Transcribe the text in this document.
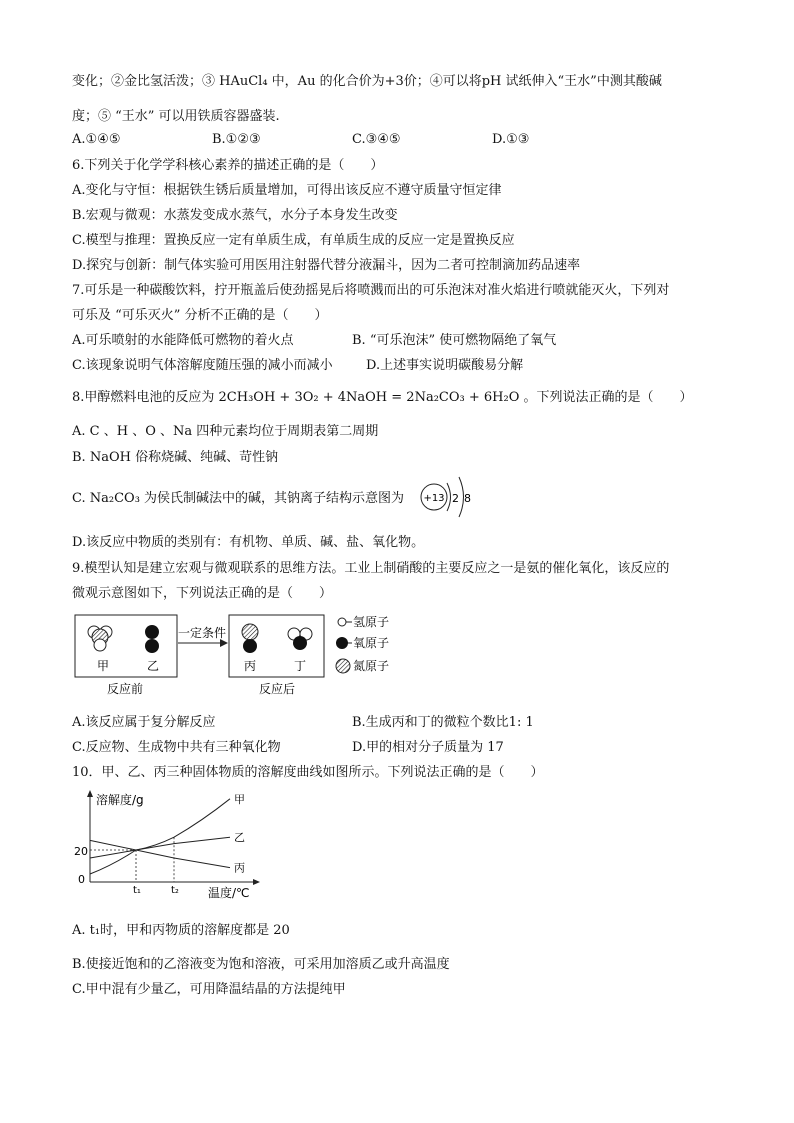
变化；②金比氢活泼；③ HAuCl₄ 中，Au 的化合价为+3价；④可以将pH 试纸伸入“王水”中测其酸碱
度；⑤ “王水” 可以用铁质容器盛装.
A.①④⑤	B.①②③	C.③④⑤	D.①③
6.下列关于化学学科核心素养的描述正确的是（　　）
A.变化与守恒：根据铁生锈后质量增加，可得出该反应不遵守质量守恒定律
B.宏观与微观：水蒸发变成水蒸气，水分子本身发生改变
C.模型与推理：置换反应一定有单质生成，有单质生成的反应一定是置换反应
D.探究与创新：制气体实验可用医用注射器代替分液漏斗，因为二者可控制滴加药品速率
7.可乐是一种碳酸饮料，拧开瓶盖后使劲摇晃后将喷溅而出的可乐泡沫对准火焰进行喷就能灭火，下列对
可乐及 “可乐灭火” 分析不正确的是（　　）
A.可乐喷射的水能降低可燃物的着火点	B. “可乐泡沫” 使可燃物隔绝了氧气
C.该现象说明气体溶解度随压强的减小而减小	D.上述事实说明碳酸易分解
8.甲醇燃料电池的反应为 2CH₃OH + 3O₂ + 4NaOH = 2Na₂CO₃ + 6H₂O 。下列说法正确的是（　　）
A. C 、H 、O 、Na 四种元素均位于周期表第二周期
B. NaOH 俗称烧碱、纯碱、苛性钠
C. Na₂CO₃ 为侯氏制碱法中的碱，其钠离子结构示意图为 +13 2 8
D.该反应中物质的类别有：有机物、单质、碱、盐、氧化物。
9.模型认知是建立宏观与微观联系的思维方法。工业上制硝酸的主要反应之一是氨的催化氧化，该反应的
微观示意图如下，下列说法正确的是（　　）
甲	乙
反应前
一定条件
丙	丁
反应后
氢原子
氧原子
氮原子
A.该反应属于复分解反应	B.生成丙和丁的微粒个数比1: 1
C.反应物、生成物中共有三种氧化物	D.甲的相对分子质量为 17
10．甲、乙、丙三种固体物质的溶解度曲线如图所示。下列说法正确的是（　　）
溶解度/g
温度/℃
20
0
t₁	t₂
甲
乙
丙
A. t₁时，甲和丙物质的溶解度都是 20
B.使接近饱和的乙溶液变为饱和溶液，可采用加溶质乙或升高温度
C.甲中混有少量乙，可用降温结晶的方法提纯甲
